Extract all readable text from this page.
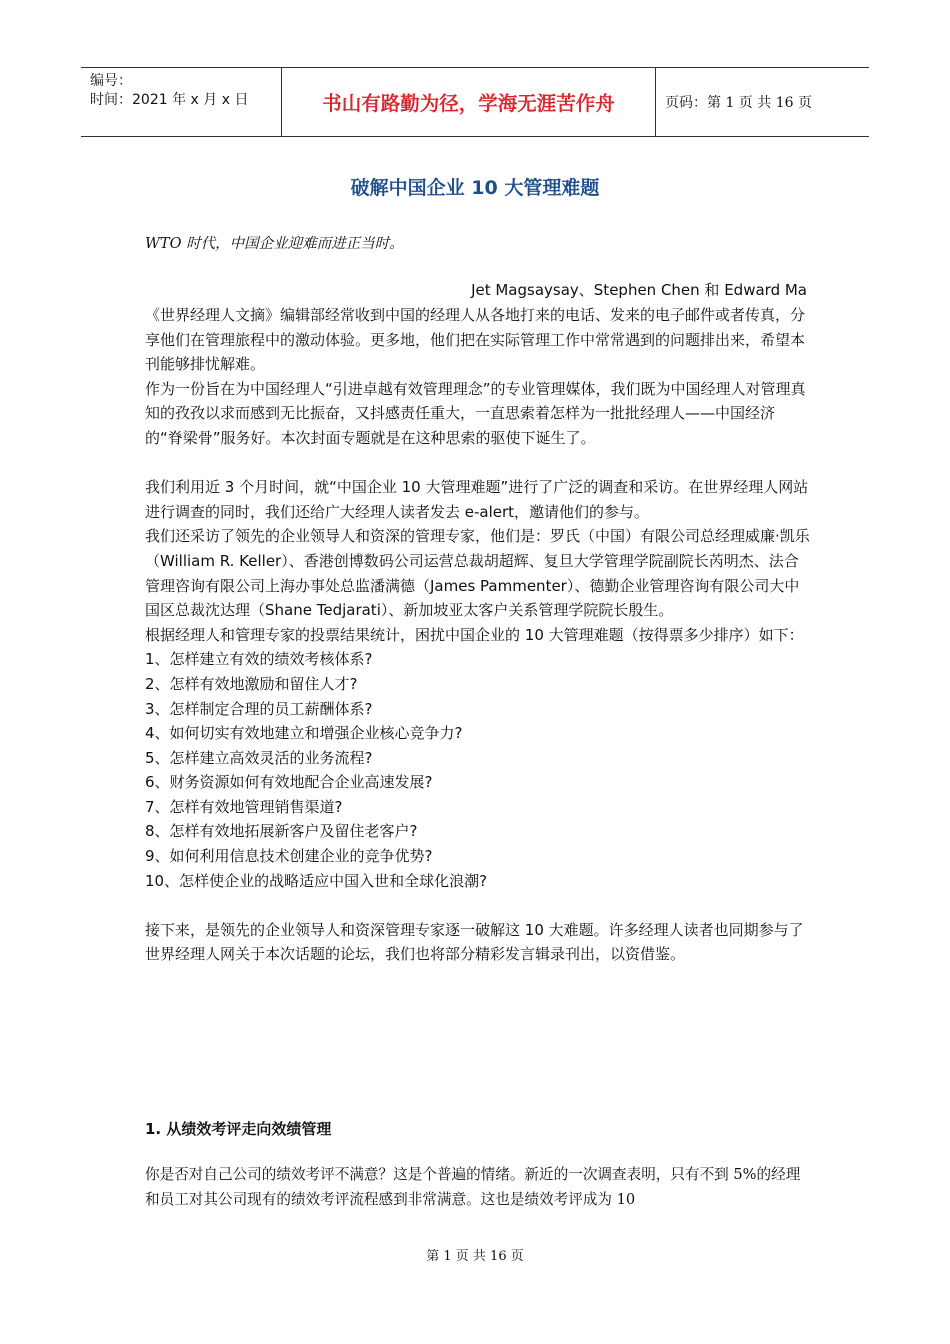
编号：
时间：2021 年 x 月 x 日	书山有路勤为径，学海无涯苦作舟	页码：第 1 页 共 16 页
破解中国企业 10 大管理难题
WTO 时代，中国企业迎难而进正当时。
Jet Magsaysay、Stephen Chen 和 Edward Ma

《世界经理人文摘》编辑部经常收到中国的经理人从各地打来的电话、发来的电子邮件或者传真，分享他们在管理旅程中的激动体验。更多地，他们把在实际管理工作中常常遇到的问题排出来，希望本刊能够排忧解难。

作为一份旨在为中国经理人“引进卓越有效管理理念”的专业管理媒体，我们既为中国经理人对管理真知的孜孜以求而感到无比振奋，又抖感责任重大，一直思索着怎样为一批批经理人——中国经济的“脊梁骨”服务好。本次封面专题就是在这种思索的驱使下诞生了。

我们利用近 3 个月时间，就“中国企业 10 大管理难题”进行了广泛的调查和采访。在世界经理人网站进行调查的同时，我们还给广大经理人读者发去 e-alert，邀请他们的参与。

我们还采访了领先的企业领导人和资深的管理专家，他们是：罗氏（中国）有限公司总经理威廉·凯乐（William R. Keller）、香港创博数码公司运营总裁胡超辉、复旦大学管理学院副院长芮明杰、法合管理咨询有限公司上海办事处总监潘满德（James Pammenter）、德勤企业管理咨询有限公司大中国区总裁沈达理（Shane Tedjarati）、新加坡亚太客户关系管理学院院长殷生。

根据经理人和管理专家的投票结果统计，困扰中国企业的 10 大管理难题（按得票多少排序）如下：

1、怎样建立有效的绩效考核体系?

2、怎样有效地激励和留住人才?

3、怎样制定合理的员工薪酬体系?

4、如何切实有效地建立和增强企业核心竞争力?

5、怎样建立高效灵活的业务流程?

6、财务资源如何有效地配合企业高速发展?

7、怎样有效地管理销售渠道?

8、怎样有效地拓展新客户及留住老客户?

9、如何利用信息技术创建企业的竞争优势?

10、怎样使企业的战略适应中国入世和全球化浪潮?

接下来，是领先的企业领导人和资深管理专家逐一破解这 10 大难题。许多经理人读者也同期参与了世界经理人网关于本次话题的论坛，我们也将部分精彩发言辑录刊出，以资借鉴。

1. 从绩效考评走向效绩管理
你是否对自己公司的绩效考评不满意？这是个普遍的情绪。新近的一次调查表明，只有不到 5%的经理和员工对其公司现有的绩效考评流程感到非常满意。这也是绩效考评成为 10
第 1 页 共 16 页
